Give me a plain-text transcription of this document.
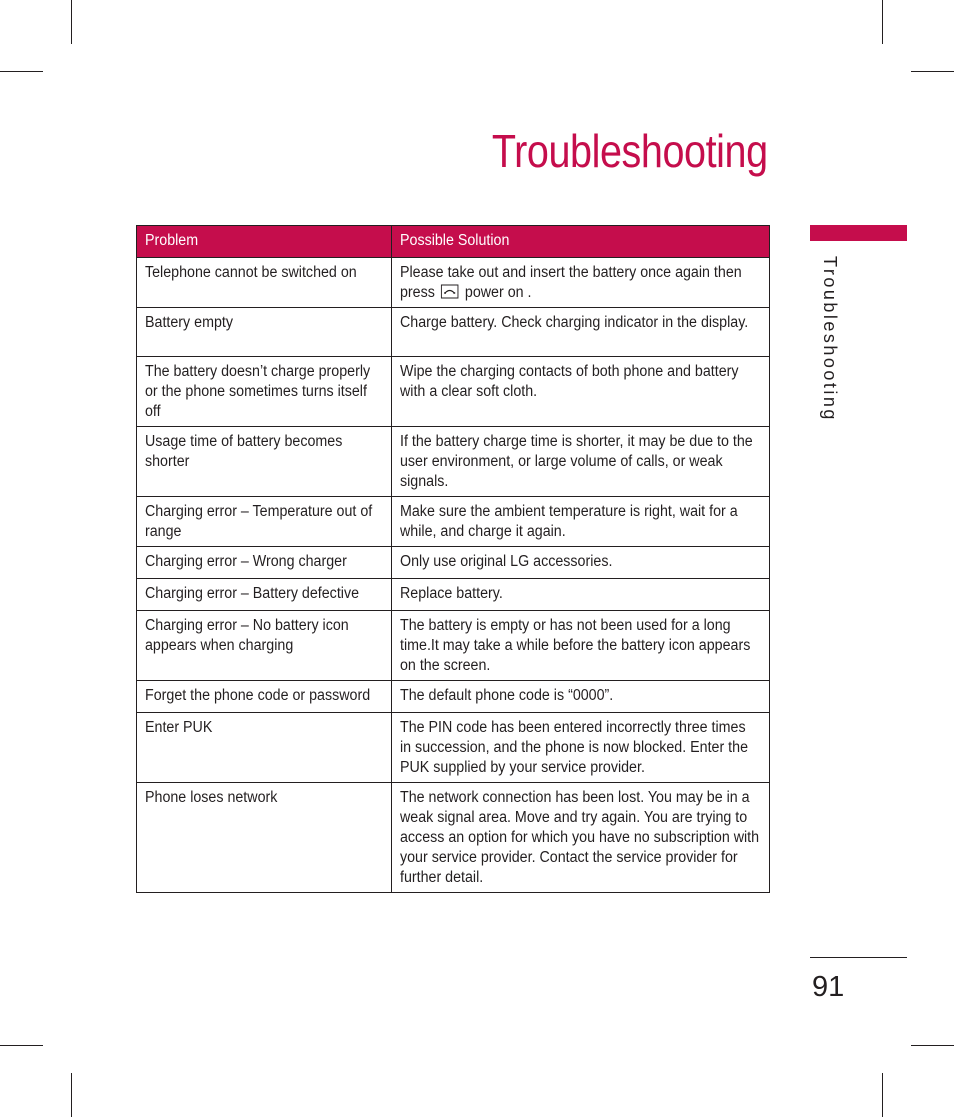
Troubleshooting
Troubleshooting
Problem	Possible Solution

Telephone cannot be switched on	Please take out and insert the battery once again then press power on .

Battery empty	Charge battery. Check charging indicator in the display.

The battery doesn’t charge properly or the phone sometimes turns itself off	Wipe the charging contacts of both phone and battery with a clear soft cloth.

Usage time of battery becomes shorter	If the battery charge time is shorter, it may be due to the user environment, or large volume of calls, or weak signals.

Charging error – Temperature out of range	Make sure the ambient temperature is right, wait for a while, and charge it again.

Charging error – Wrong charger	Only use original LG accessories.

Charging error – Battery defective	Replace battery.

Charging error – No battery icon appears when charging	The battery is empty or has not been used for a long time.It may take a while before the battery icon appears on the screen.

Forget the phone code or password	The default phone code is “0000”.

Enter PUK	The PIN code has been entered incorrectly three times in succession, and the phone is now blocked. Enter the PUK supplied by your service provider.

Phone loses network	The network connection has been lost. You may be in a weak signal area. Move and try again. You are trying to access an option for which you have no subscription with your service provider. Contact the service provider for further detail.
91
